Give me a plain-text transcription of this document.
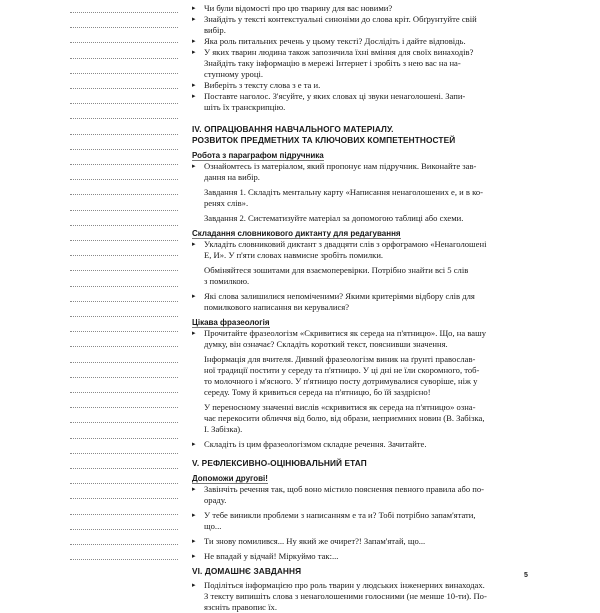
▸ Чи були відомості про цю тварину для вас новими?
▸ Знайдіть у тексті контекстуальні синоніми до слова кріт. Обґрунтуйте свій
вибір.
▸ Яка роль питальних речень у цьому тексті? Дослідіть і дайте відповідь.
▸ У яких тварин людина також запозичила їхні вміння для своїх винаходів?
Знайдіть таку інформацію в мережі Інтернет і зробіть з нею вас на на-
ступному уроці.
▸ Виберіть з тексту слова з е та и.
▸ Поставте наголос. З'ясуйте, у яких словах ці звуки ненаголошені. Запи-
шіть їх транскрипцію.
IV. ОПРАЦЮВАННЯ НАВЧАЛЬНОГО МАТЕРІАЛУ.
РОЗВИТОК ПРЕДМЕТНИХ ТА КЛЮЧОВИХ КОМПЕТЕНТНОСТЕЙ
Робота з параграфом підручника
▸ Ознайомтесь із матеріалом, який пропонує нам підручник. Виконайте зав-
дання на вибір.
Завдання 1. Складіть ментальну карту «Написання ненаголошених е, и в ко-
ренях слів».
Завдання 2. Систематизуйте матеріал за допомогою таблиці або схеми.
Складання словникового диктанту для редагування
▸ Укладіть словниковий диктант з двадцяти слів з орфограмою «Ненаголошені
Е, И». У п'яти словах навмисне зробіть помилки.
Обміняйтеся зошитами для взаємоперевірки. Потрібно знайти всі 5 слів
з помилкою.
▸ Які слова залишилися непоміченими? Якими критеріями відбору слів для
помилкового написання ви керувалися?
Цікава фразеологія
▸ Прочитайте фразеологізм «Скривитися як середа на п'ятницю». Що, на вашу
думку, він означає? Складіть короткий текст, пояснивши значення.
Інформація для вчителя. Дивний фразеологізм виник на ґрунті православ-
ної традиції постити у середу та п'ятницю. У ці дні не їли скоромного, тоб-
то молочного і м'ясного. У п'ятницю посту дотримувалися суворіше, ніж у
середу. Тому й кривиться середа на п'ятницю, бо їй заздрісно!
У переносному значенні вислів «скривитися як середа на п'ятницю» озна-
чає перекосити обличчя від болю, від образи, неприємних новин (В. Забізка,
І. Забізка).
▸ Складіть із цим фразеологізмом складне речення. Зачитайте.
V. РЕФЛЕКСИВНО-ОЦІНЮВАЛЬНИЙ ЕТАП
Допоможи другові!
▸ Завінчіть речення так, щоб воно містило пояснення певного правила або по-
ораду.
▸ У тебе виникли проблеми з написанням е та и? Тобі потрібно запам'ятати,
що...
▸ Ти знову помилився... Ну який же очирет?! Запам'ятай, що...
▸ Не впадай у відчай! Міркуймо так:...
VI. ДОМАШНЄ ЗАВДАННЯ
▸ Поділіться інформацією про роль тварин у людських інженерних винаходах.
З тексту випишіть слова з ненаголошеними голосними (не менше 10-ти). По-
язсніть правопис їх.
5
